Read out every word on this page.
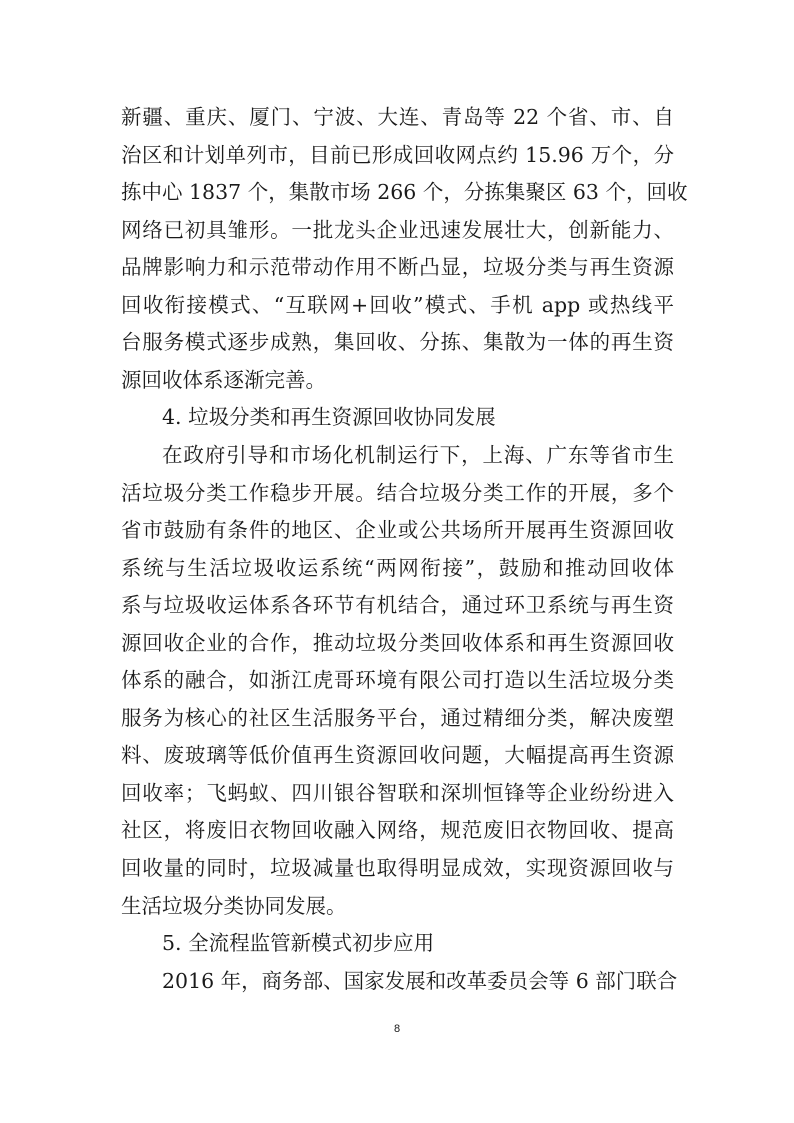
新疆、重庆、厦门、宁波、大连、青岛等 22 个省、市、自

治区和计划单列市，目前已形成回收网点约 15.96 万个，分

拣中心 1837 个，集散市场 266 个，分拣集聚区 63 个，回收

网络已初具雏形。一批龙头企业迅速发展壮大，创新能力、

品牌影响力和示范带动作用不断凸显，垃圾分类与再生资源

回收衔接模式、“互联网+回收”模式、手机 app 或热线平

台服务模式逐步成熟，集回收、分拣、集散为一体的再生资

源回收体系逐渐完善。

4. 垃圾分类和再生资源回收协同发展

在政府引导和市场化机制运行下，上海、广东等省市生

活垃圾分类工作稳步开展。结合垃圾分类工作的开展，多个

省市鼓励有条件的地区、企业或公共场所开展再生资源回收

系统与生活垃圾收运系统“两网衔接”，鼓励和推动回收体

系与垃圾收运体系各环节有机结合，通过环卫系统与再生资

源回收企业的合作，推动垃圾分类回收体系和再生资源回收

体系的融合，如浙江虎哥环境有限公司打造以生活垃圾分类

服务为核心的社区生活服务平台，通过精细分类，解决废塑

料、废玻璃等低价值再生资源回收问题，大幅提高再生资源

回收率；飞蚂蚁、四川银谷智联和深圳恒锋等企业纷纷进入

社区，将废旧衣物回收融入网络，规范废旧衣物回收、提高

回收量的同时，垃圾减量也取得明显成效，实现资源回收与

生活垃圾分类协同发展。

5. 全流程监管新模式初步应用

2016 年，商务部、国家发展和改革委员会等 6 部门联合

8
